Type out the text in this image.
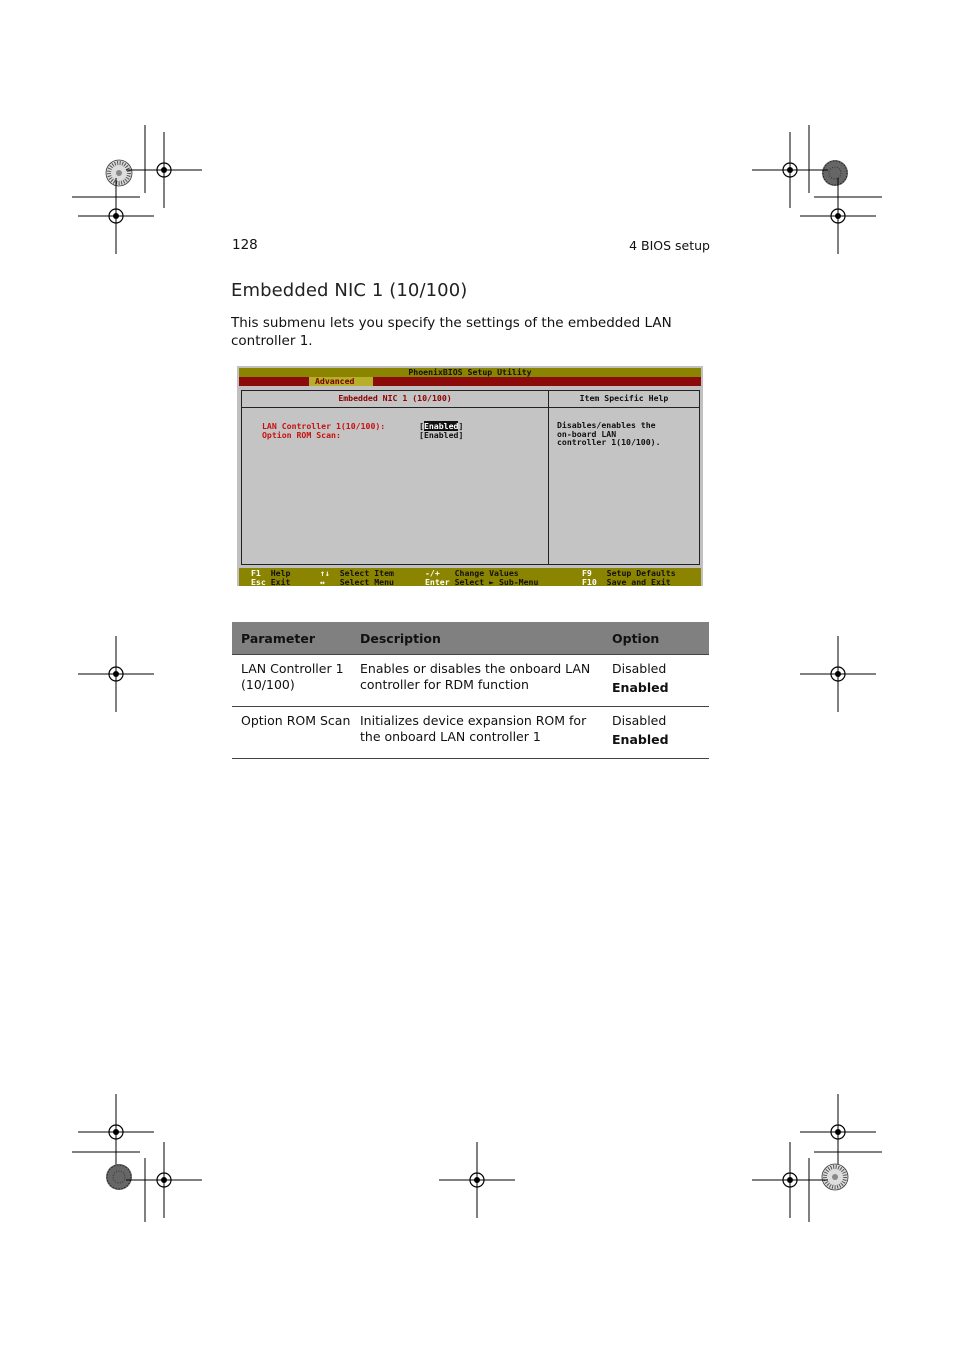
128	4 BIOS setup
Embedded NIC 1 (10/100)

This submenu lets you specify the settings of the embedded LAN controller 1.

PhoenixBIOS Setup Utility
Advanced
Embedded NIC 1 (10/100)
LAN Controller 1(10/100):	[Enabled]
Option ROM Scan:	[Enabled]
Item Specific Help
Disables/enables the
on-board LAN
controller 1(10/100).
F1 Help
Esc Exit
↑↓ Select Item
↔ Select Menu
-/+ Change Values
Enter Select ► Sub-Menu
F9 Setup Defaults
F10 Save and Exit
Parameter	Description	Option
LAN Controller 1 (10/100)	Enables or disables the onboard LAN controller for RDM function	Disabled
Enabled

Option ROM Scan	Initializes device expansion ROM for the onboard LAN controller 1	Disabled
Enabled
